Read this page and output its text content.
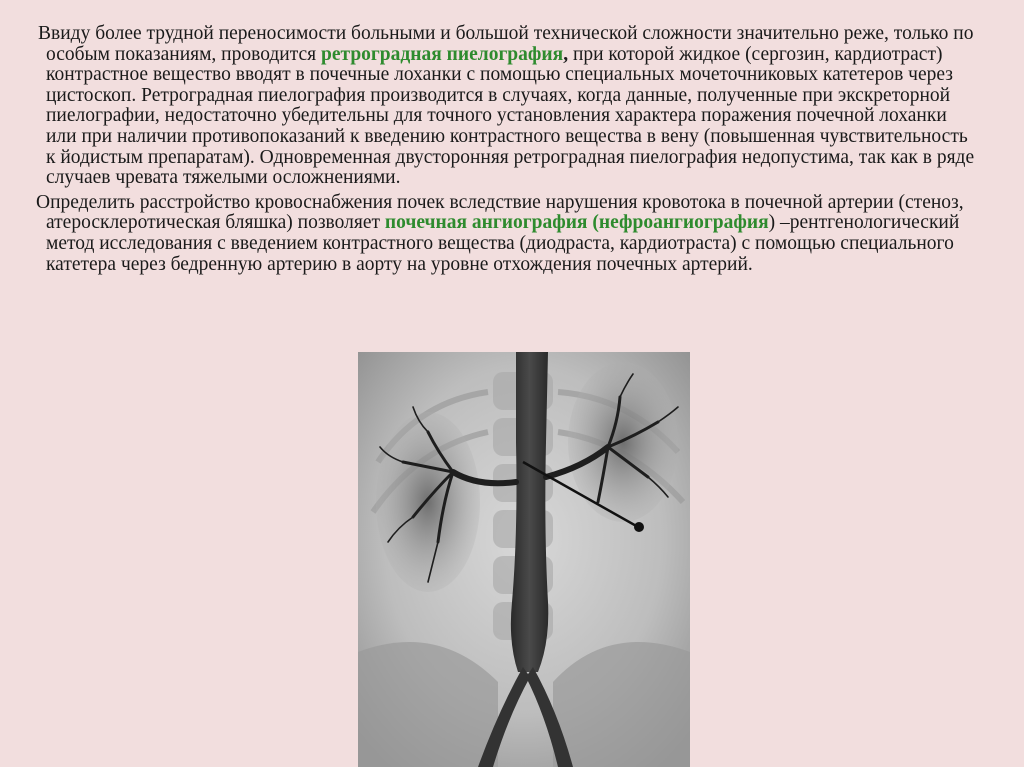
Ввиду более трудной переносимости больными и большой технической сложности значительно реже, только по особым показаниям, проводится ретроградная пиелография, при которой жидкое (сергозин, кардиотраст) контрастное вещество вводят в почечные лоханки с помощью специальных мочеточниковых катетеров через цистоскоп. Ретроградная пиелография производится в случаях, когда данные, полученные при экскреторной пиелографии, недостаточно убедительны для точного установления характера поражения почечной лоханки или при наличии противопоказаний к введению контрастного вещества в вену (повышенная чувствительность к йодистым препаратам). Одновременная двусторонняя ретроградная пиелография недопустима, так как в ряде случаев чревата тяжелыми осложнениями.

Определить расстройство кровоснабжения почек вследствие нарушения кровотока в почечной артерии (стеноз, атеросклеротическая бляшка) позволяет почечная ангиография (нефроангиография) –рентгенологический метод исследования с введением контрастного вещества (диодраста, кардиотраста) с помощью специального катетера через бедренную артерию в аорту на уровне отхождения почечных артерий.
